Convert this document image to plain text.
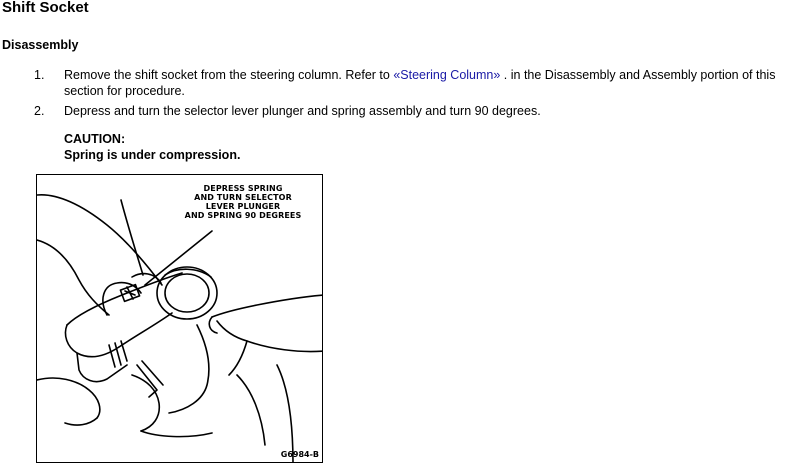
Shift Socket
Disassembly
1. Remove the shift socket from the steering column. Refer to «Steering Column» . in the Disassembly and Assembly portion of this section for procedure.
2. Depress and turn the selector lever plunger and spring assembly and turn 90 degrees.
CAUTION:
Spring is under compression.
DEPRESS SPRING
AND TURN SELECTOR
LEVER PLUNGER
AND SPRING 90 DEGREES
G6984-B
